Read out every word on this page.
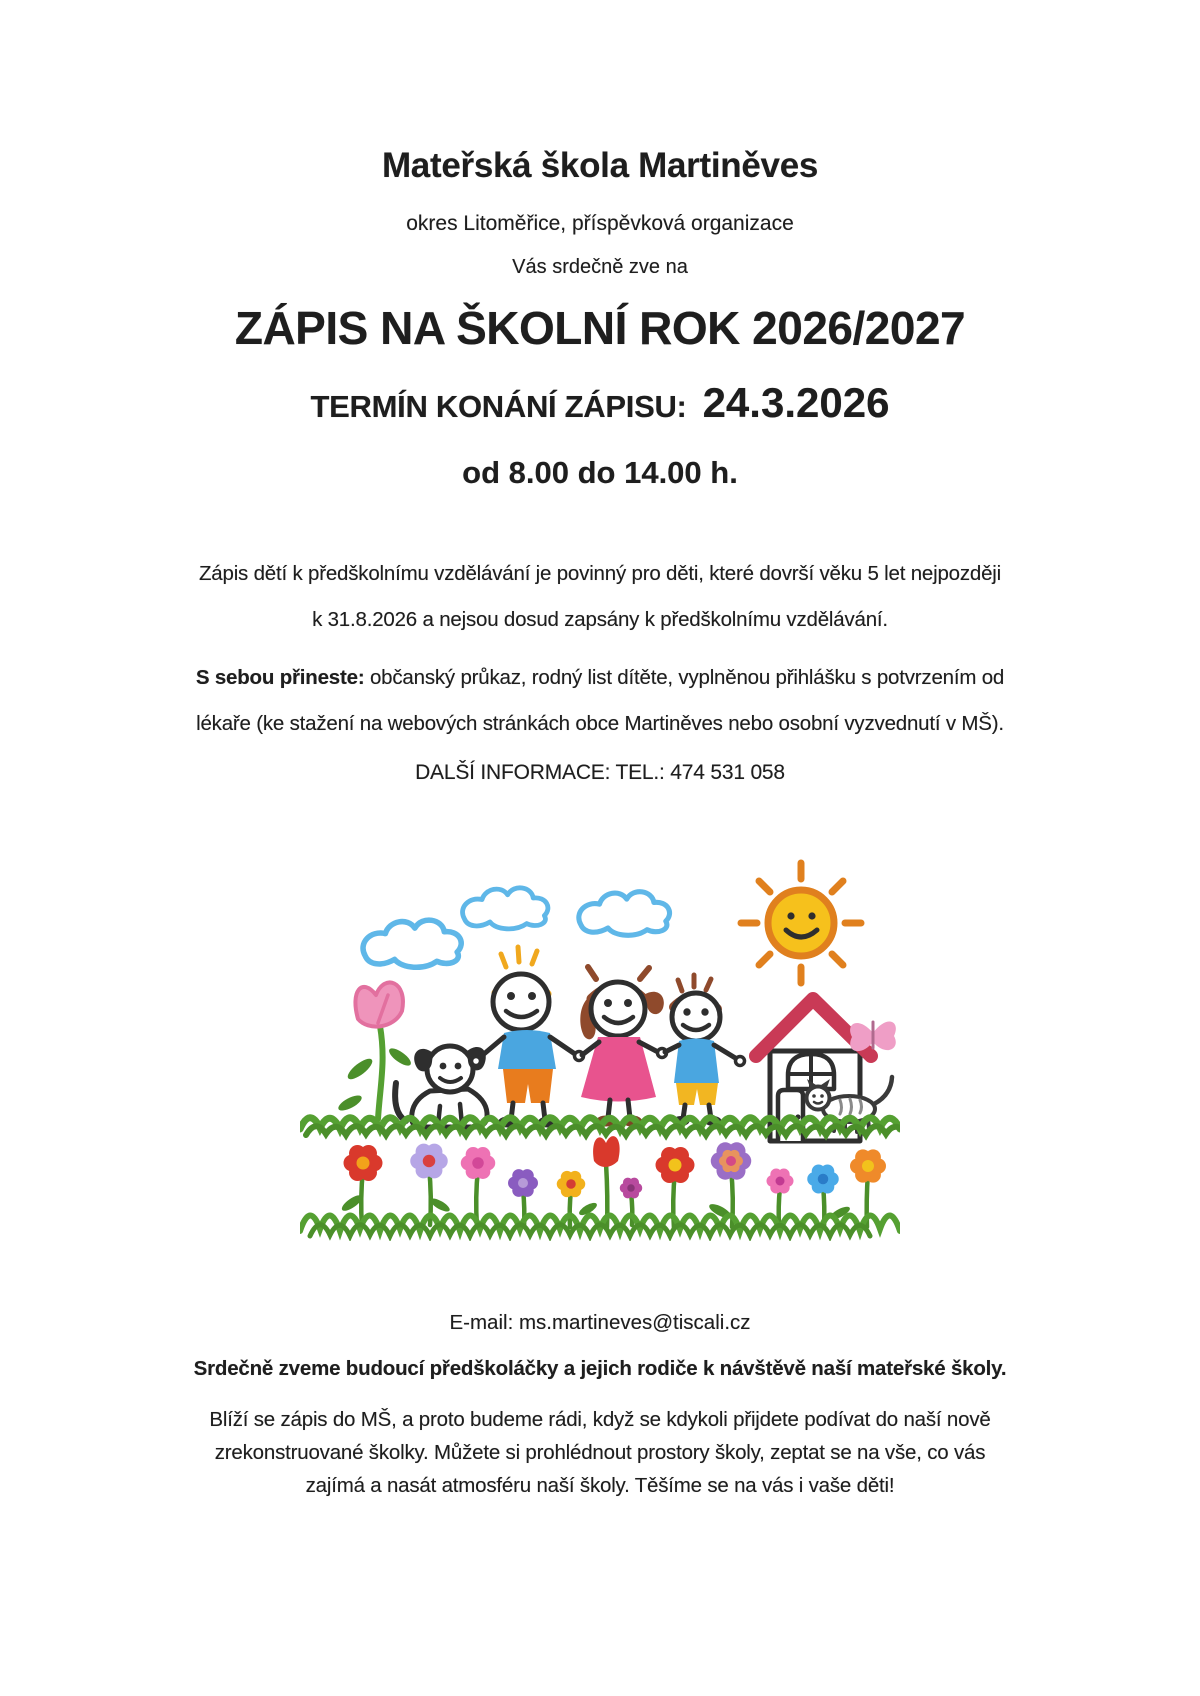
Mateřská škola Martiněves
okres Litoměřice, příspěvková organizace
Vás srdečně zve na
ZÁPIS NA ŠKOLNÍ ROK 2026/2027
TERMÍN KONÁNÍ ZÁPISU: 24.3.2026
od 8.00 do 14.00 h.
Zápis dětí k předškolnímu vzdělávání je povinný pro děti, které dovrší věku 5 let nejpozději
k 31.8.2026 a nejsou dosud zapsány k předškolnímu vzdělávání.
S sebou přineste: občanský průkaz, rodný list dítěte, vyplněnou přihlášku s potvrzením od
lékaře (ke stažení na webových stránkách obce Martiněves nebo osobní vyzvednutí v MŠ).
DALŠÍ INFORMACE: TEL.: 474 531 058
E-mail: ms.martineves@tiscali.cz
Srdečně zveme budoucí předškoláčky a jejich rodiče k návštěvě naší mateřské školy.
Blíží se zápis do MŠ, a proto budeme rádi, když se kdykoli přijdete podívat do naší nově
zrekonstruované školky. Můžete si prohlédnout prostory školy, zeptat se na vše, co vás
zajímá a nasát atmosféru naší školy. Těšíme se na vás i vaše děti!
